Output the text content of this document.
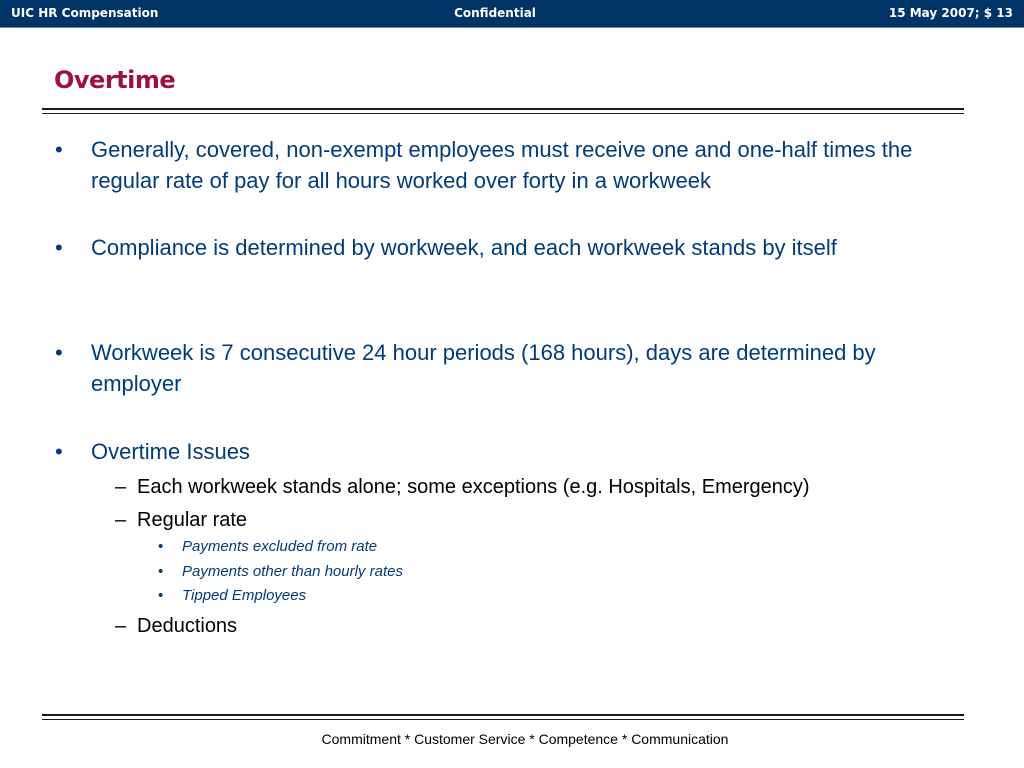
UIC HR Compensation	Confidential	15 May 2007; $ 13
Overtime
• Generally, covered, non-exempt employees must receive one and one-half times the regular rate of pay for all hours worked over forty in a workweek
• Compliance is determined by workweek, and each workweek stands by itself
• Workweek is 7 consecutive 24 hour periods (168 hours), days are determined by employer
• Overtime Issues
– Each workweek stands alone; some exceptions (e.g. Hospitals, Emergency)
– Regular rate
• Payments excluded from rate
• Payments other than hourly rates
• Tipped Employees
– Deductions
Commitment * Customer Service * Competence * Communication
